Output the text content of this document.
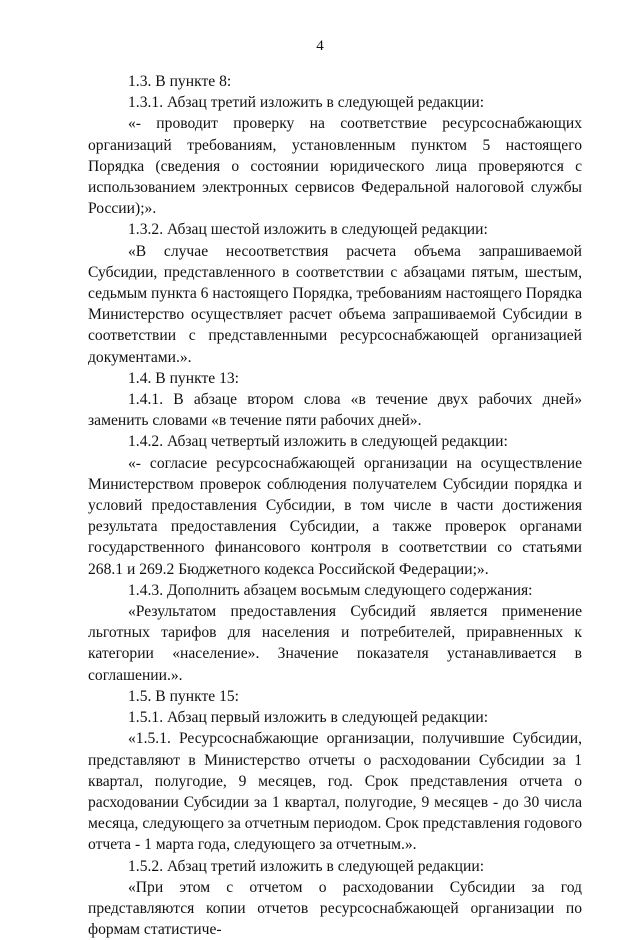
4

1.3. В пункте 8:

1.3.1. Абзац третий изложить в следующей редакции:

«- проводит проверку на соответствие ресурсоснабжающих организаций требованиям, установленным пунктом 5 настоящего Порядка (сведения о состоянии юридического лица проверяются с использованием электронных сервисов Федеральной налоговой службы России);».

1.3.2. Абзац шестой изложить в следующей редакции:

«В случае несоответствия расчета объема запрашиваемой Субсидии, представленного в соответствии с абзацами пятым, шестым, седьмым пункта 6 настоящего Порядка, требованиям настоящего Порядка Министерство осуществляет расчет объема запрашиваемой Субсидии в соответствии с представленными ресурсоснабжающей организацией документами.».

1.4. В пункте 13:

1.4.1. В абзаце втором слова «в течение двух рабочих дней» заменить словами «в течение пяти рабочих дней».

1.4.2. Абзац четвертый изложить в следующей редакции:

«- согласие ресурсоснабжающей организации на осуществление Министерством проверок соблюдения получателем Субсидии порядка и условий предоставления Субсидии, в том числе в части достижения результата предоставления Субсидии, а также проверок органами государственного финансового контроля в соответствии со статьями 268.1 и 269.2 Бюджетного кодекса Российской Федерации;».

1.4.3. Дополнить абзацем восьмым следующего содержания:

«Результатом предоставления Субсидий является применение льготных тарифов для населения и потребителей, приравненных к категории «население». Значение показателя устанавливается в соглашении.».

1.5. В пункте 15:

1.5.1. Абзац первый изложить в следующей редакции:

«1.5.1. Ресурсоснабжающие организации, получившие Субсидии, представляют в Министерство отчеты о расходовании Субсидии за 1 квартал, полугодие, 9 месяцев, год. Срок представления отчета о расходовании Субсидии за 1 квартал, полугодие, 9 месяцев - до 30 числа месяца, следующего за отчетным периодом. Срок представления годового отчета - 1 марта года, следующего за отчетным.».

1.5.2. Абзац третий изложить в следующей редакции:

«При этом с отчетом о расходовании Субсидии за год представляются копии отчетов ресурсоснабжающей организации по формам статистиче-
